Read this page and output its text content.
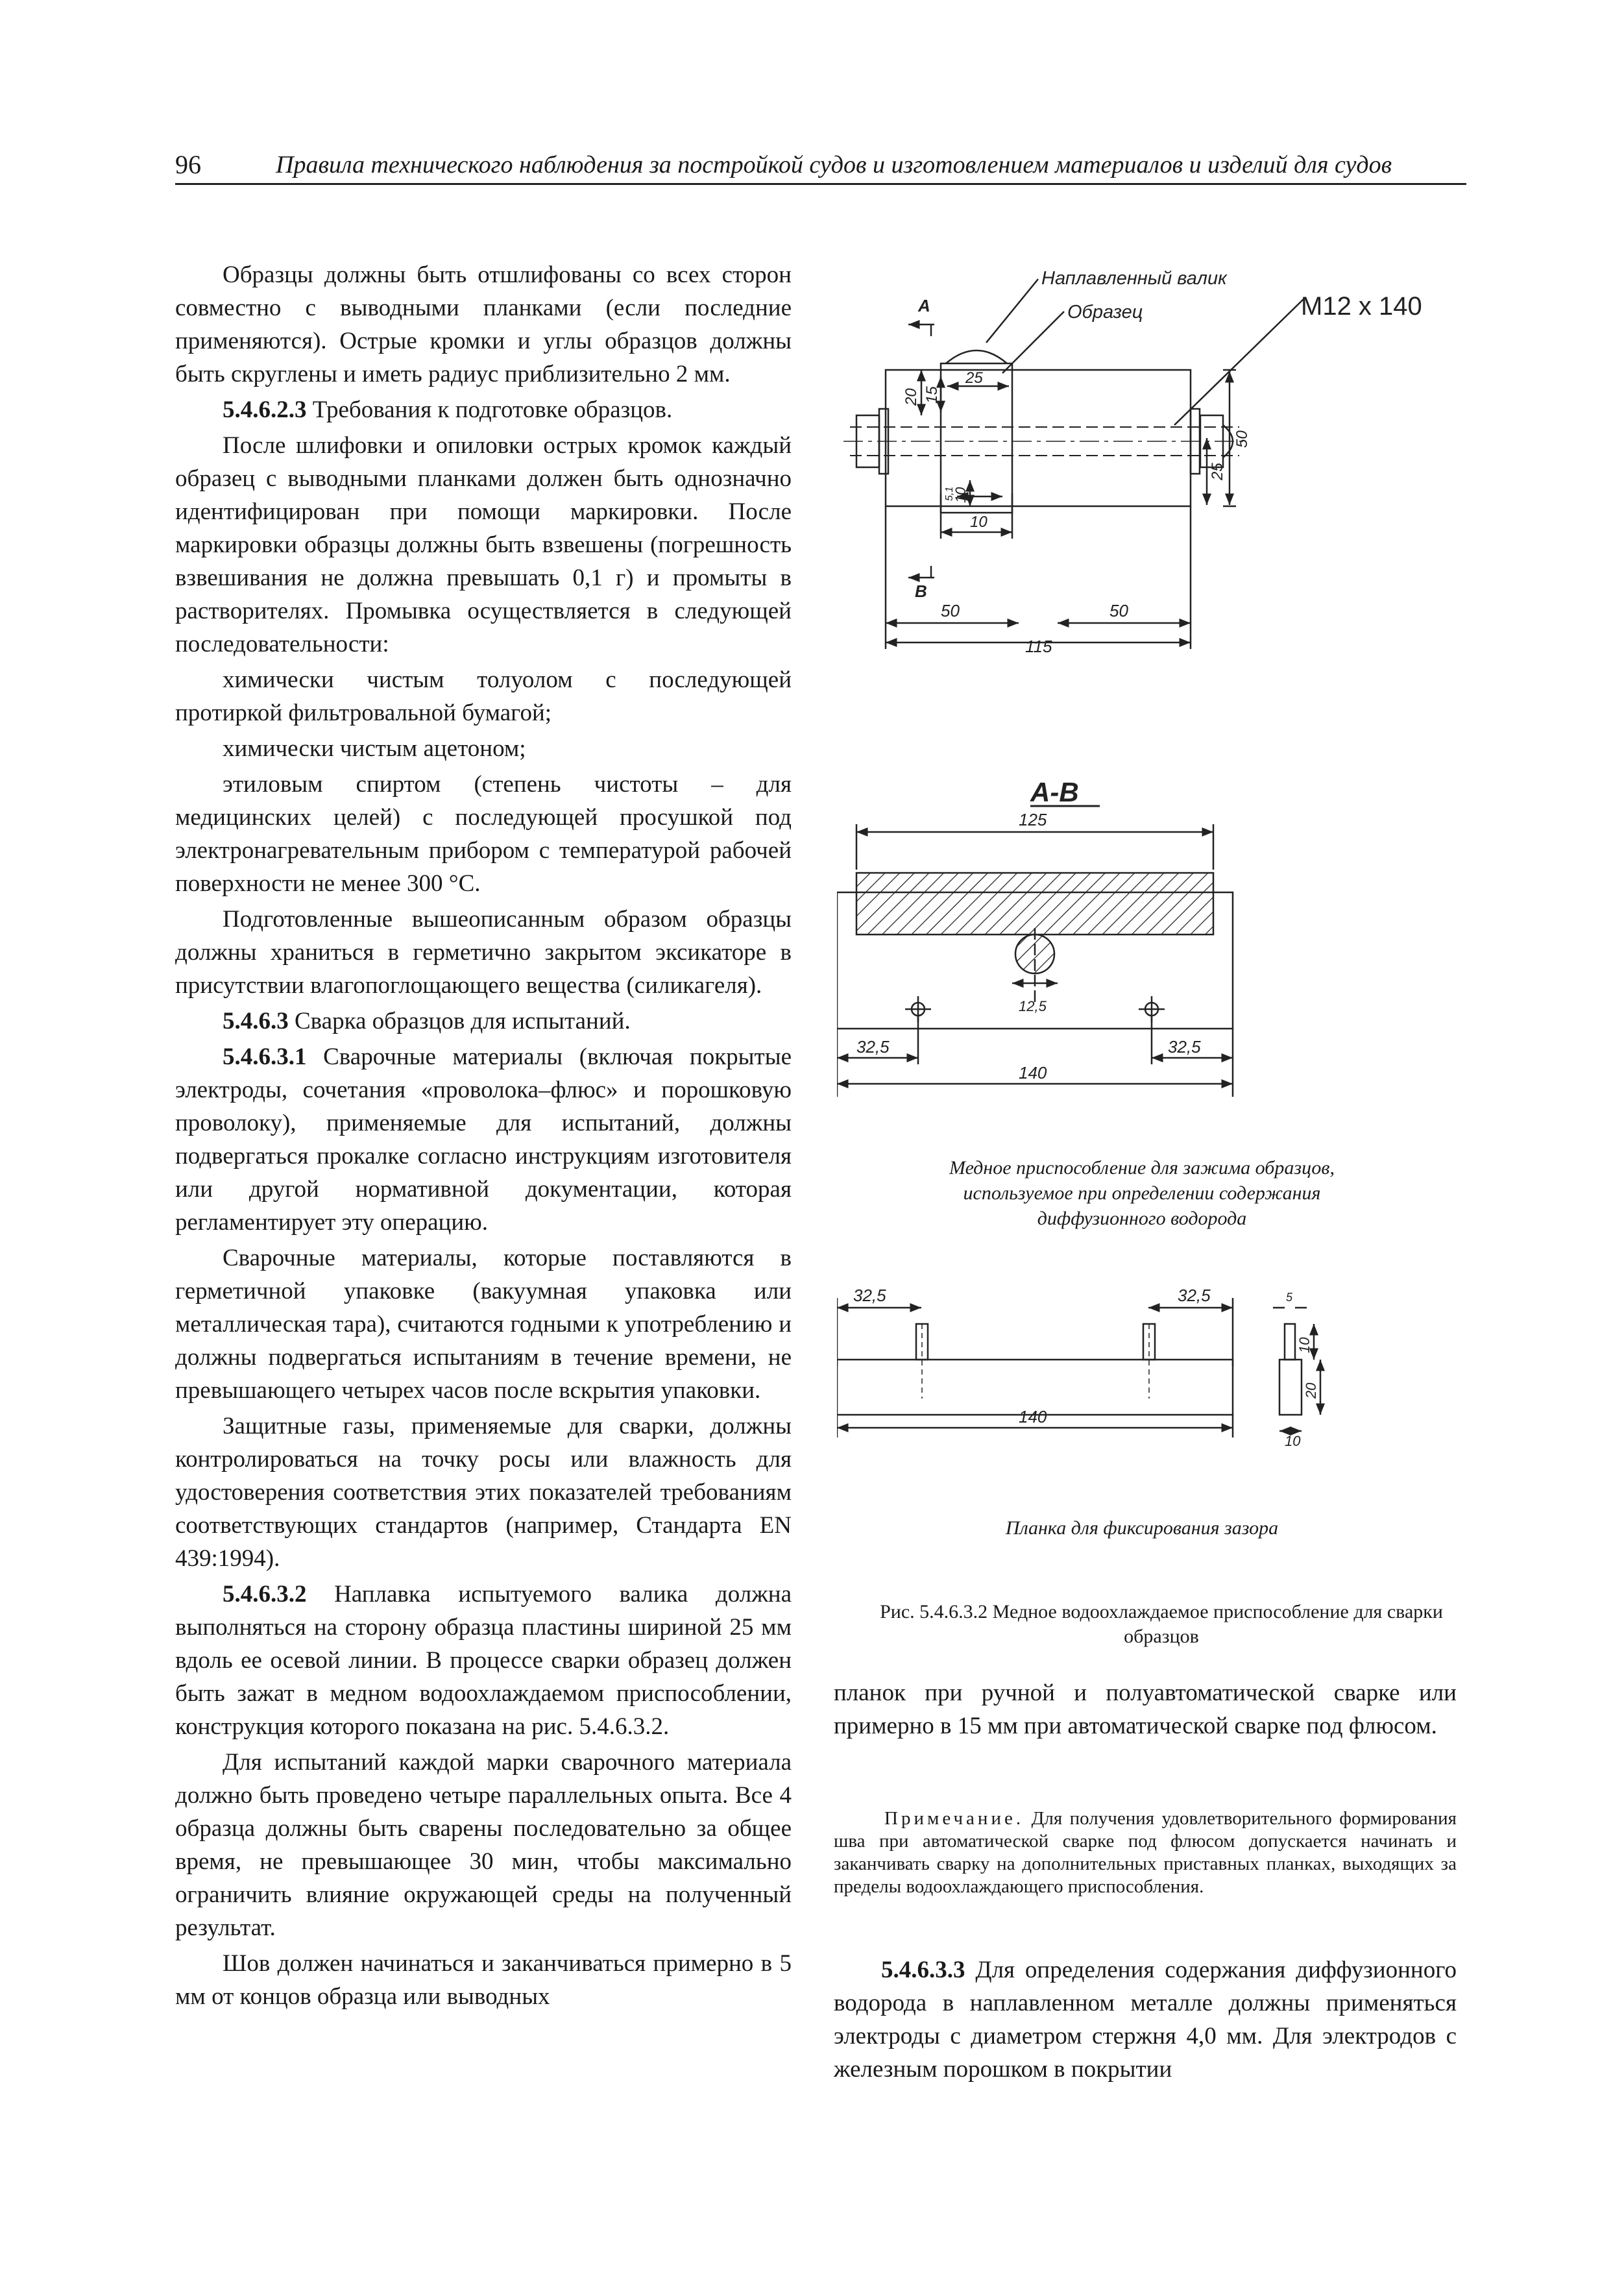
96	Правила технического наблюдения за постройкой судов и изготовлением материалов и изделий для судов

Образцы должны быть отшлифованы со всех сторон совместно с выводными планками (если последние применяются). Острые кромки и углы образцов должны быть скруглены и иметь радиус приблизительно 2 мм.

5.4.6.2.3 Требования к подготовке образцов.

После шлифовки и опиловки острых кромок каждый образец с выводными планками должен быть однозначно идентифицирован при помощи маркировки. После маркировки образцы должны быть взвешены (погрешность взвешивания не должна превышать 0,1 г) и промыты в растворителях. Промывка осуществляется в следующей последовательности:

химически чистым толуолом с последующей протиркой фильтровальной бумагой;

химически чистым ацетоном;

этиловым спиртом (степень чистоты – для медицинских целей) с последующей просушкой под электронагревательным прибором с температурой рабочей поверхности не менее 300 °С.

Подготовленные вышеописанным образом образцы должны храниться в герметично закрытом эксикаторе в присутствии влагопоглощающего вещества (силикагеля).

5.4.6.3 Сварка образцов для испытаний.

5.4.6.3.1 Сварочные материалы (включая покрытые электроды, сочетания «проволока–флюс» и порошковую проволоку), применяемые для испытаний, должны подвергаться прокалке согласно инструкциям изготовителя или другой нормативной документации, которая регламентирует эту операцию.

Сварочные материалы, которые поставляются в герметичной упаковке (вакуумная упаковка или металлическая тара), считаются годными к употреблению и должны подвергаться испытаниям в течение времени, не превышающего четырех часов после вскрытия упаковки.

Защитные газы, применяемые для сварки, должны контролироваться на точку росы или влажность для удостоверения соответствия этих показателей требованиям соответствующих стандартов (например, Стандарта EN 439:1994).

5.4.6.3.2 Наплавка испытуемого валика должна выполняться на сторону образца пластины шириной 25 мм вдоль ее осевой линии. В процессе сварки образец должен быть зажат в медном водоохлаждаемом приспособлении, конструкция которого показана на рис. 5.4.6.3.2.

Для испытаний каждой марки сварочного материала должно быть проведено четыре параллельных опыта. Все 4 образца должны быть сварены последовательно за общее время, не превышающее 30 мин, чтобы максимально ограничить влияние окружающей среды на полученный результат.

Шов должен начинаться и заканчиваться примерно в 5 мм от концов образца или выводных

Наплавленный валик
Образец	М12 х 140
A
B
20 15
25
50
25
5,1
10
10
50	50
115
A-B
125
12,5
32,5	32,5
140
32,5	32,5
140
5
10
20
10
Медное приспособление для зажима образцов, используемое при определении содержания диффузионного водорода
Планка для фиксирования зазора
Рис. 5.4.6.3.2 Медное водоохлаждаемое приспособление для сварки образцов

планок при ручной и полуавтоматической сварке или примерно в 15 мм при автоматической сварке под флюсом.

Примечание. Для получения удовлетворительного формирования шва при автоматической сварке под флюсом допускается начинать и заканчивать сварку на дополнительных приставных планках, выходящих за пределы водоохлаждающего приспособления.

5.4.6.3.3 Для определения содержания диффузионного водорода в наплавленном металле должны применяться электроды с диаметром стержня 4,0 мм. Для электродов с железным порошком в покрытии
